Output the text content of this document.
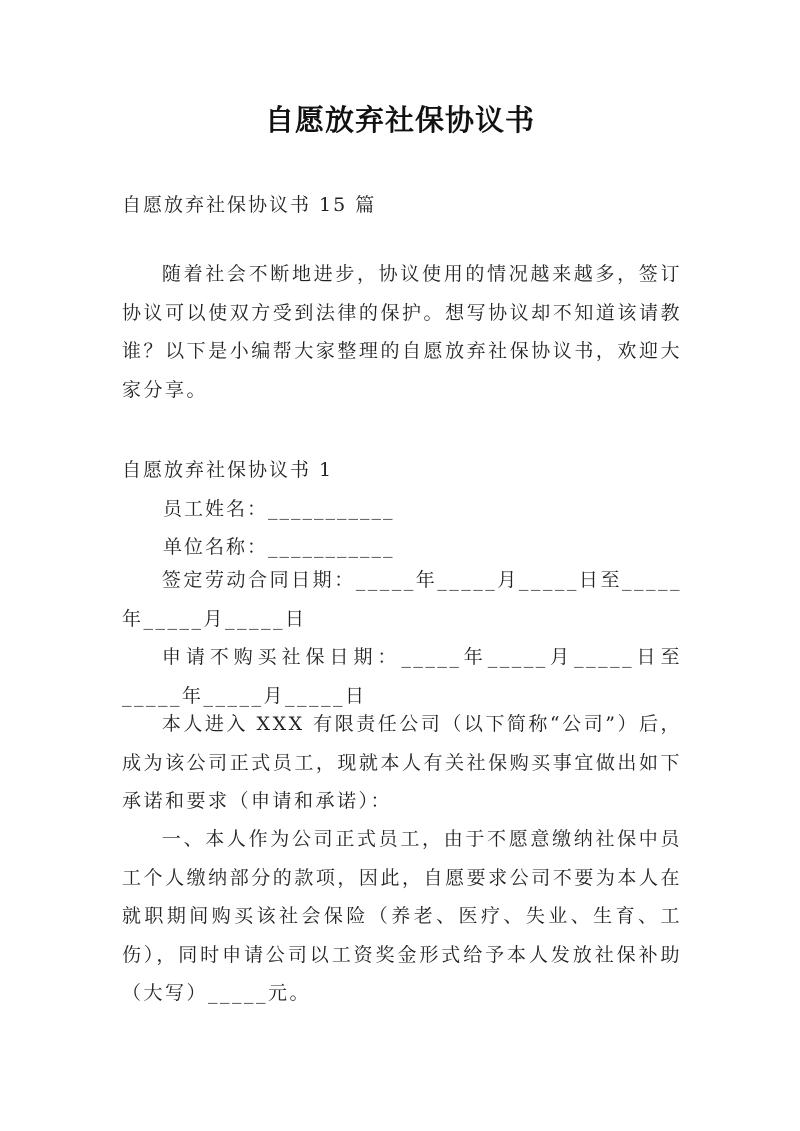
自愿放弃社保协议书
自愿放弃社保协议书 15 篇
随着社会不断地进步，协议使用的情况越来越多，签订协议可以使双方受到法律的保护。想写协议却不知道该请教谁？以下是小编帮大家整理的自愿放弃社保协议书，欢迎大家分享。
自愿放弃社保协议书 1
员工姓名：___________
单位名称：___________
签定劳动合同日期：_____年_____月_____日至_____年_____月_____日
申请不购买社保日期：_____年_____月_____日至_____年_____月_____日
本人进入 XXX 有限责任公司（以下简称“公司”）后，成为该公司正式员工，现就本人有关社保购买事宜做出如下承诺和要求（申请和承诺）：
一、本人作为公司正式员工，由于不愿意缴纳社保中员工个人缴纳部分的款项，因此，自愿要求公司不要为本人在就职期间购买该社会保险（养老、医疗、失业、生育、工伤），同时申请公司以工资奖金形式给予本人发放社保补助（大写）_____元。
